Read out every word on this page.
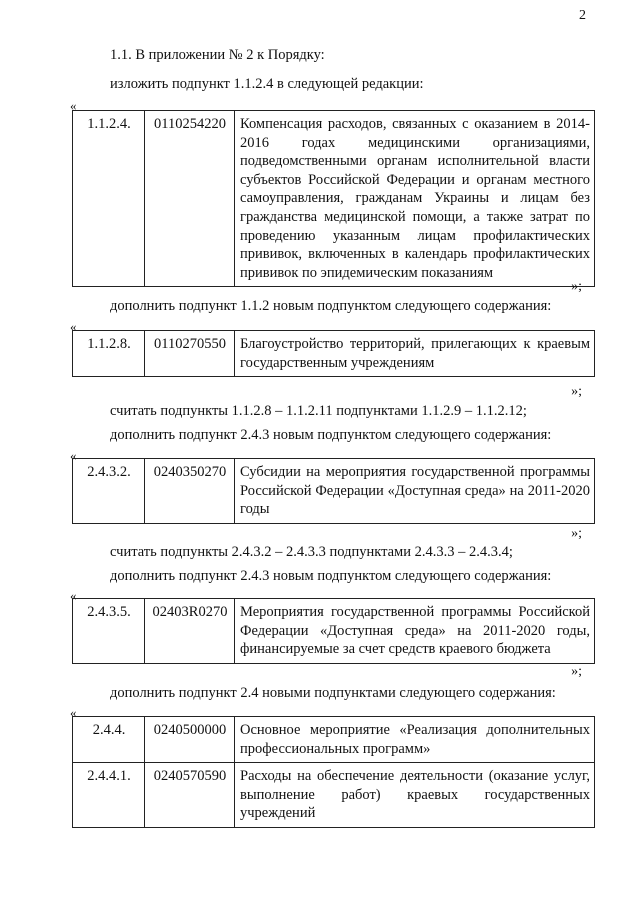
2
1.1. В приложении № 2 к Порядку:
изложить подпункт 1.1.2.4 в следующей редакции:
«
1.1.2.4.	0110254220	Компенсация расходов, связанных с оказанием в 2014-2016 годах медицинскими организациями, подведомственными органам исполнительной власти субъектов Российской Федерации и органам местного самоуправления, гражданам Украины и лицам без гражданства медицинской помощи, а также затрат по проведению указанным лицам профилактических прививок, включенных в календарь профилактических прививок по эпидемическим показаниям
»;
дополнить подпункт 1.1.2 новым подпунктом следующего содержания:
«
1.1.2.8.	0110270550	Благоустройство территорий, прилегающих к краевым государственным учреждениям
»;
считать подпункты 1.1.2.8 – 1.1.2.11 подпунктами 1.1.2.9 – 1.1.2.12;
дополнить подпункт 2.4.3 новым подпунктом следующего содержания:
«
2.4.3.2.	0240350270	Субсидии на мероприятия государственной программы Российской Федерации «Доступная среда» на 2011-2020 годы
»;
считать подпункты 2.4.3.2 – 2.4.3.3 подпунктами 2.4.3.3 – 2.4.3.4;
дополнить подпункт 2.4.3 новым подпунктом следующего содержания:
«
2.4.3.5.	02403R0270	Мероприятия государственной программы Российской Федерации «Доступная среда» на 2011-2020 годы, финансируемые за счет средств краевого бюджета
»;
дополнить подпункт 2.4 новыми подпунктами следующего содержания:
«
2.4.4.	0240500000	Основное мероприятие «Реализация дополнительных профессиональных программ»
2.4.4.1.	0240570590	Расходы на обеспечение деятельности (оказание услуг, выполнение работ) краевых государственных учреждений
